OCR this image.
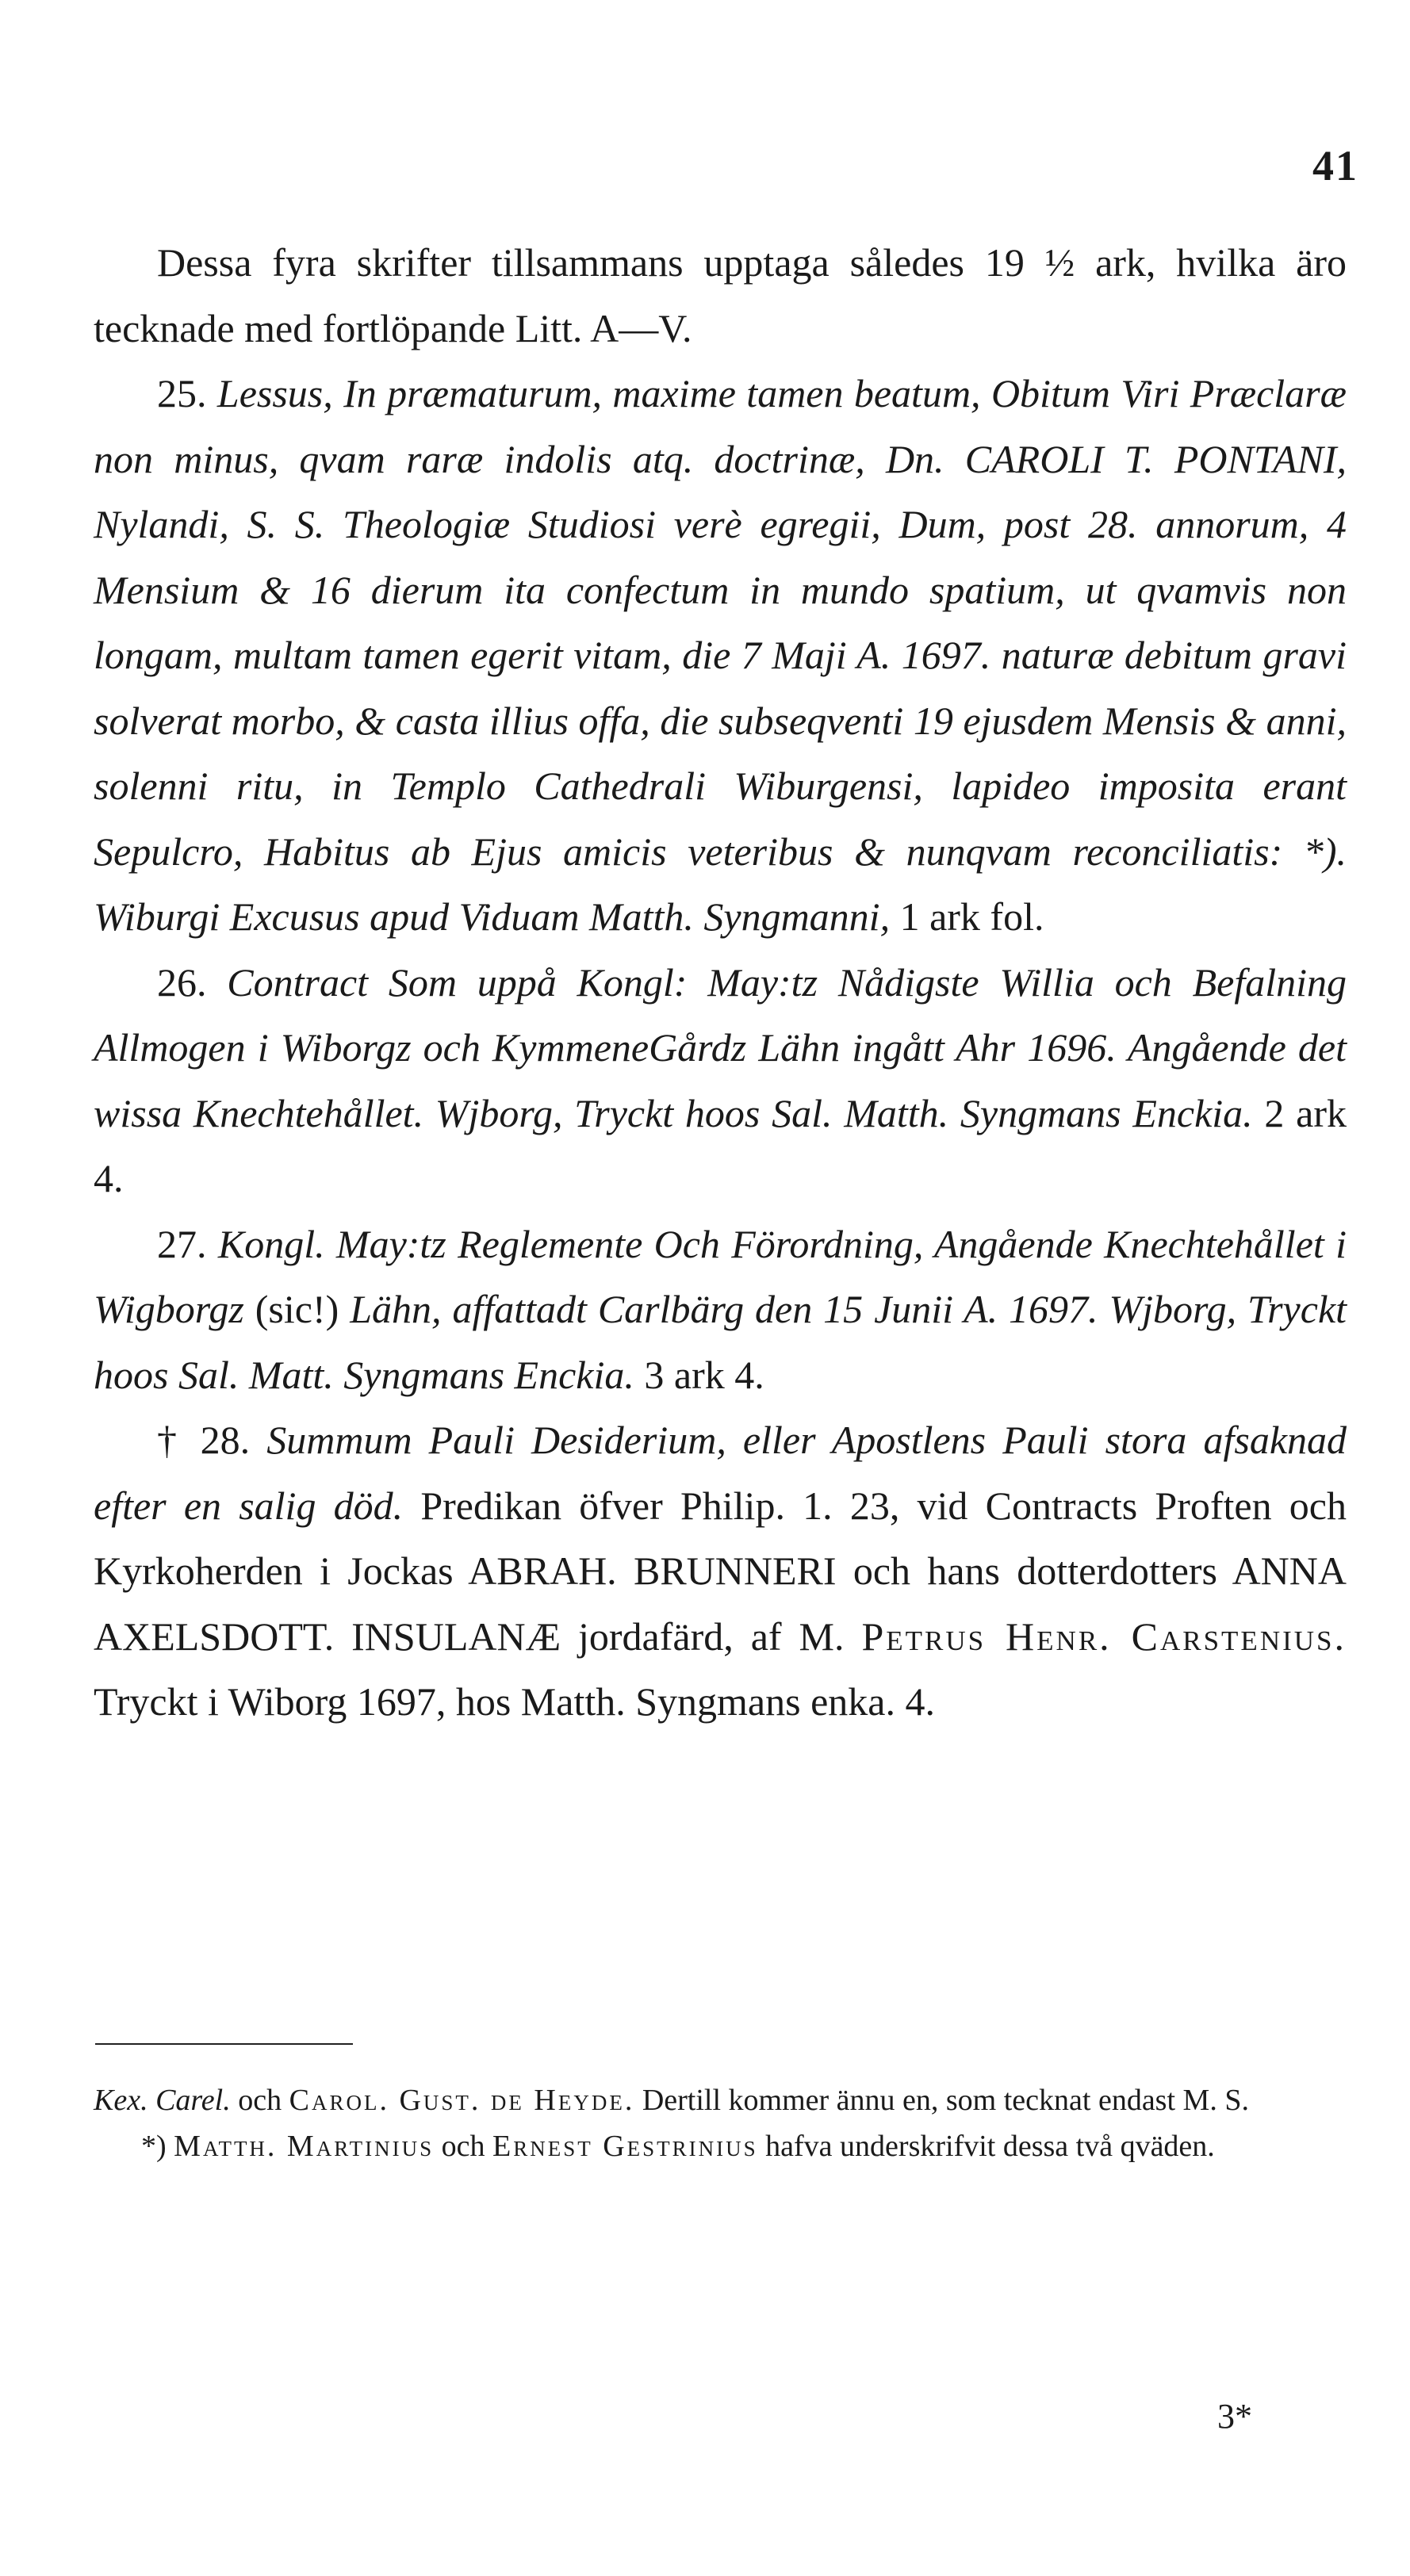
41

Dessa fyra skrifter tillsammans upptaga således 19 ½ ark, hvilka äro tecknade med fortlöpande Litt. A—V.

25. Lessus, In præmaturum, maxime tamen beatum, Obitum Viri Præclaræ non minus, qvam raræ indolis atq. doctrinæ, Dn. CAROLI T. PONTANI, Nylandi, S. S. Theologiæ Studiosi verè egregii, Dum, post 28. annorum, 4 Mensium & 16 dierum ita confectum in mundo spatium, ut qvamvis non longam, multam tamen egerit vitam, die 7 Maji A. 1697. naturæ debitum gravi solverat morbo, & casta illius offa, die subseqventi 19 ejusdem Mensis & anni, solenni ritu, in Templo Cathedrali Wiburgensi, lapideo imposita erant Sepulcro, Habitus ab Ejus amicis veteribus & nunqvam reconciliatis: *). Wiburgi Excusus apud Viduam Matth. Syngmanni, 1 ark fol.

26. Contract Som uppå Kongl: May:tz Nådigste Willia och Befalning Allmogen i Wiborgz och KymmeneGårdz Lähn ingått Ahr 1696. Angående det wissa Knechtehållet. Wjborg, Tryckt hoos Sal. Matth. Syngmans Enckia. 2 ark 4.

27. Kongl. May:tz Reglemente Och Förordning, Angående Knechtehållet i Wigborgz (sic!) Lähn, affattadt Carlbärg den 15 Junii A. 1697. Wjborg, Tryckt hoos Sal. Matt. Syngmans Enckia. 3 ark 4.

† 28. Summum Pauli Desiderium, eller Apostlens Pauli stora afsaknad efter en salig död. Predikan öfver Philip. 1. 23, vid Contracts Proften och Kyrkoherden i Jockas ABRAH. BRUNNERI och hans dotterdotters ANNA AXELSDOTT. INSULANÆ jordafärd, af M. Petrus Henr. Carstenius. Tryckt i Wiborg 1697, hos Matth. Syngmans enka. 4.

Kex. Carel. och Carol. Gust. de Heyde. Dertill kommer ännu en, som tecknat endast M. S.

*) Matth. Martinius och Ernest Gestrinius hafva underskrifvit dessa två qväden.

3*
